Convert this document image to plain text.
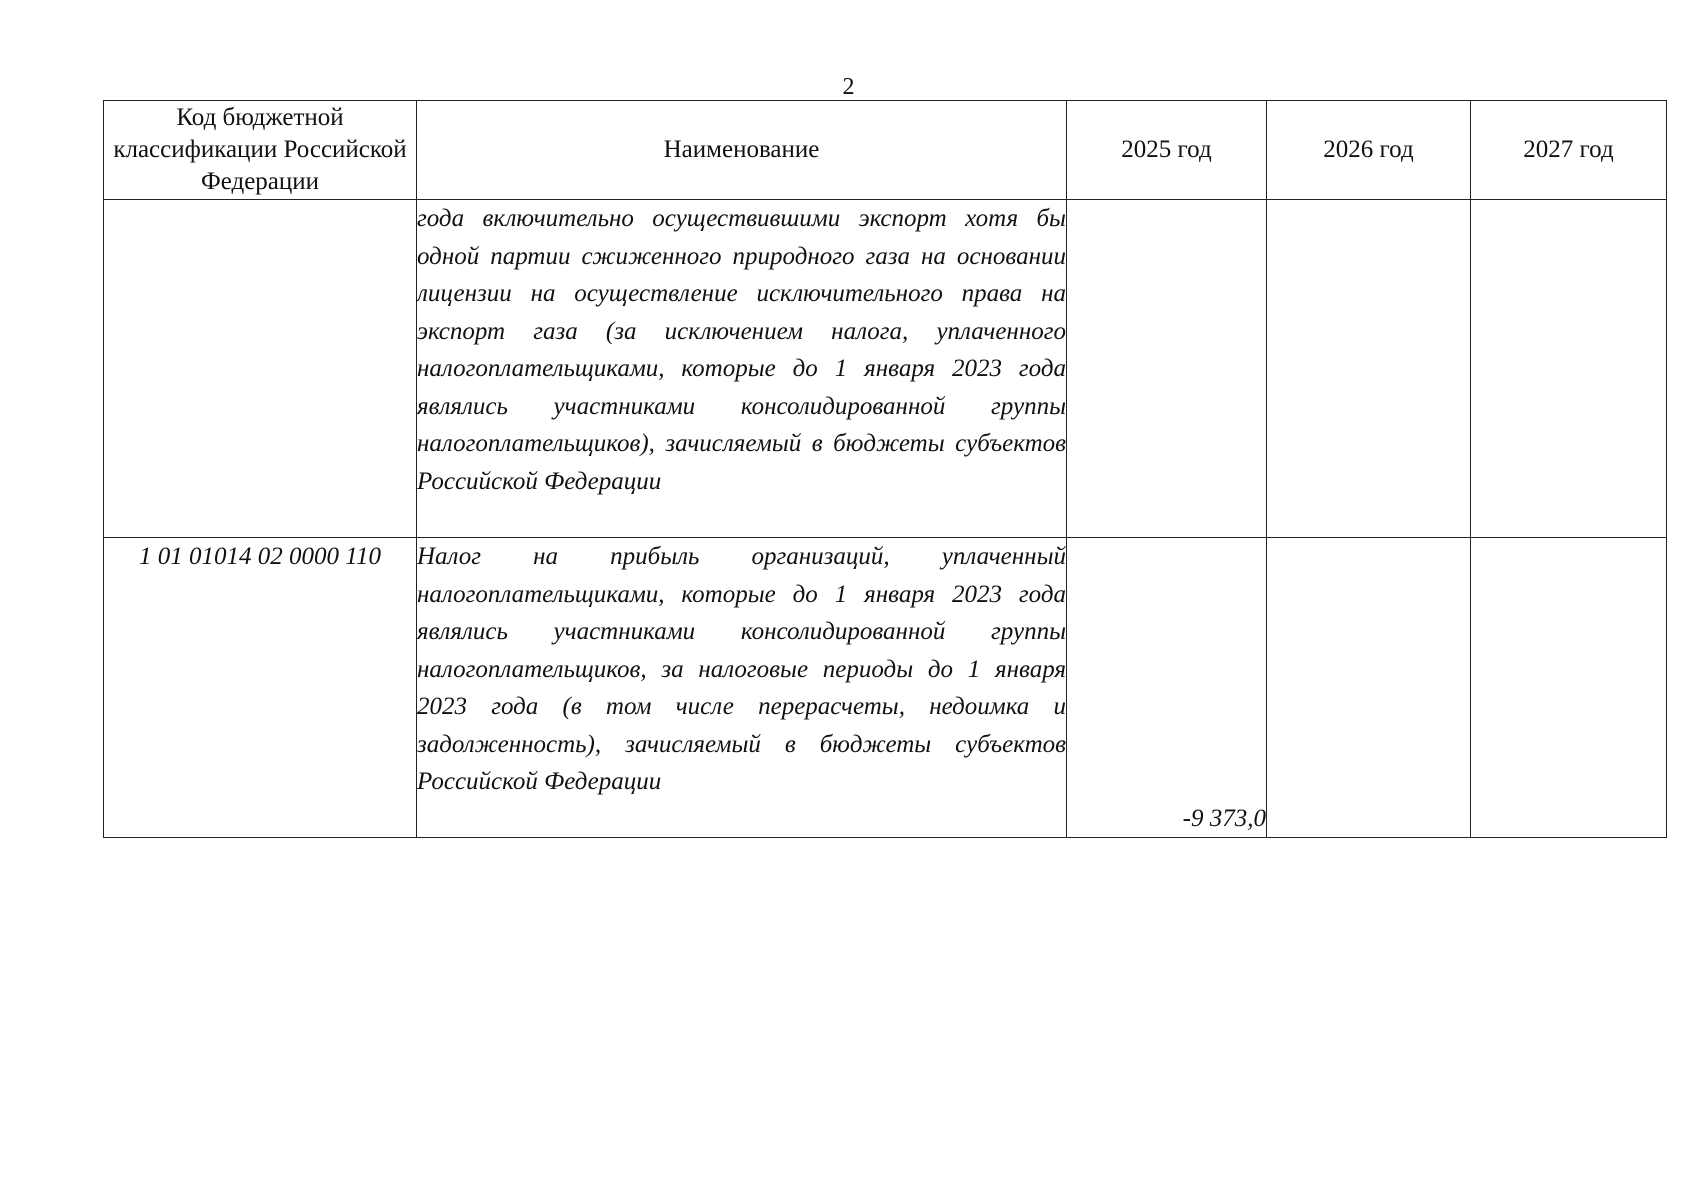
2
Код бюджетной классификации Российской Федерации	Наименование	2025 год	2026 год	2027 год
	года включительно осуществившими экспорт хотя бы одной партии сжиженного природного газа на основании лицензии на осуществление исключительного права на экспорт газа (за исключением налога, уплаченного налогоплательщиками, которые до 1 января 2023 года являлись участниками консолидированной группы налогоплательщиков), зачисляемый в бюджеты субъектов Российской Федерации			
1 01 01014 02 0000 110	Налог на прибыль организаций, уплаченный налогоплательщиками, которые до 1 января 2023 года являлись участниками консолидированной группы налогоплательщиков, за налоговые периоды до 1 января 2023 года (в том числе перерасчеты, недоимка и задолженность), зачисляемый в бюджеты субъектов Российской Федерации	-9 373,0		
